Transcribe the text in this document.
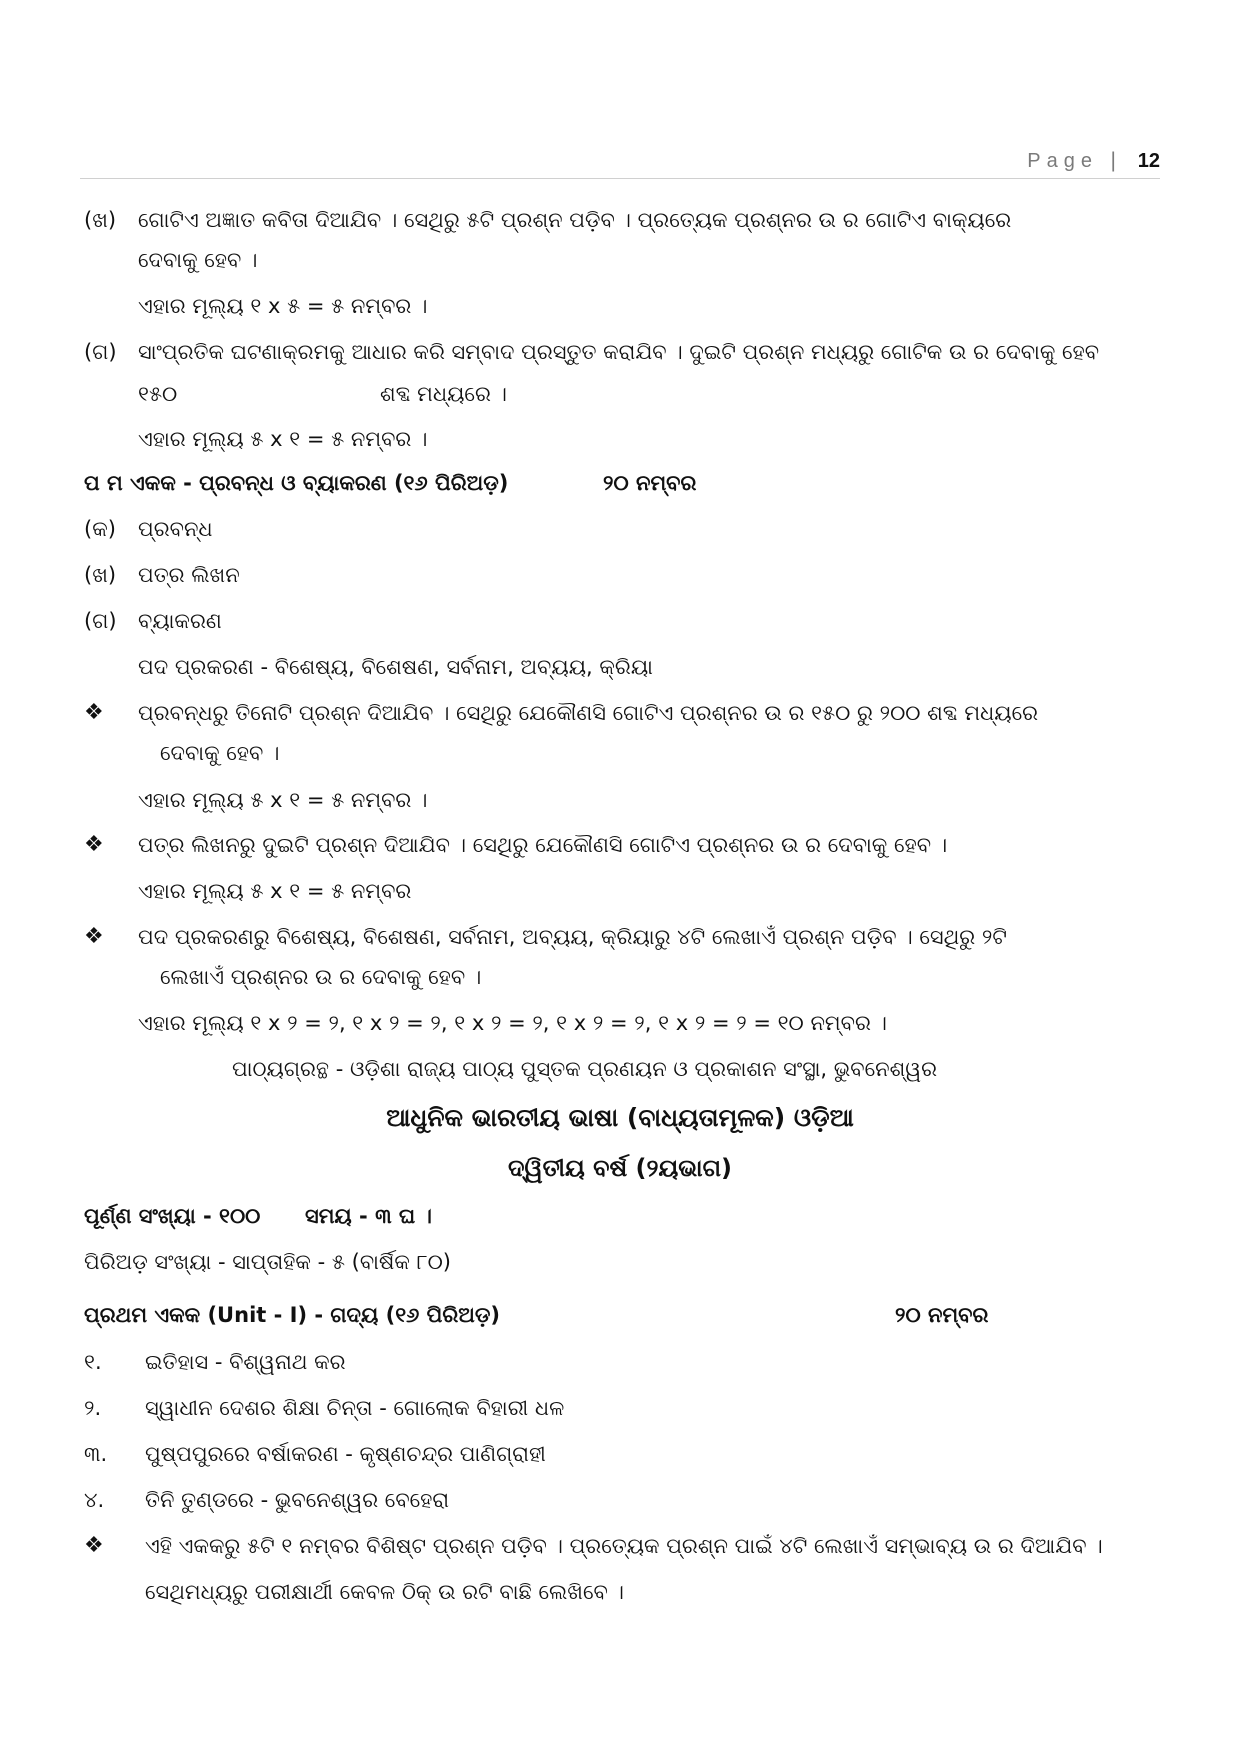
Page | 12
(ଖ) ଗୋଟିଏ ଅଜ୍ଞାତ କବିତା ଦିଆଯିବ । ସେଥିରୁ ୫ଟି ପ୍ରଶ୍ନ ପଡ଼ିବ । ପ୍ରତ୍ୟେକ ପ୍ରଶ୍ନର ଉ ର ଗୋଟିଏ ବାକ୍ୟରେ
ଦେବାକୁ ହେବ ।
ଏହାର ମୂଲ୍ୟ ୧ x ୫ = ୫ ନମ୍ବର ।
(ଗ) ସାଂପ୍ରତିକ ଘଟଣାକ୍ରମକୁ ଆଧାର କରି ସମ୍ବାଦ ପ୍ରସ୍ତୁତ କରାଯିବ । ଦୁଇଟି ପ୍ରଶ୍ନ ମଧ୍ୟରୁ ଗୋଟିକ ଉ ର ଦେବାକୁ ହେବ
୧୫୦	ଶବ୍ଦ ମଧ୍ୟରେ ।
ଏହାର ମୂଲ୍ୟ ୫ x ୧ = ୫ ନମ୍ବର ।
ପ ମ ଏକକ - ପ୍ରବନ୍ଧ ଓ ବ୍ୟାକରଣ (୧୬ ପିରିଅଡ଼)	୨୦ ନମ୍ବର
(କ) ପ୍ରବନ୍ଧ
(ଖ) ପତ୍ର ଲିଖନ
(ଗ) ବ୍ୟାକରଣ
ପଦ ପ୍ରକରଣ - ବିଶେଷ୍ୟ, ବିଶେଷଣ, ସର୍ବନାମ, ଅବ୍ୟୟ, କ୍ରିୟା
❖ ପ୍ରବନ୍ଧରୁ ତିନୋଟି ପ୍ରଶ୍ନ ଦିଆଯିବ । ସେଥିରୁ ଯେକୌଣସି ଗୋଟିଏ ପ୍ରଶ୍ନର ଉ ର ୧୫୦ ରୁ ୨୦୦ ଶବ୍ଦ ମଧ୍ୟରେ
ଦେବାକୁ ହେବ ।
ଏହାର ମୂଲ୍ୟ ୫ x ୧ = ୫ ନମ୍ବର ।
❖ ପତ୍ର ଲିଖନରୁ ଦୁଇଟି ପ୍ରଶ୍ନ ଦିଆଯିବ । ସେଥିରୁ ଯେକୌଣସି ଗୋଟିଏ ପ୍ରଶ୍ନର ଉ ର ଦେବାକୁ ହେବ ।
ଏହାର ମୂଲ୍ୟ ୫ x ୧ = ୫ ନମ୍ବର
❖ ପଦ ପ୍ରକରଣରୁ ବିଶେଷ୍ୟ, ବିଶେଷଣ, ସର୍ବନାମ, ଅବ୍ୟୟ, କ୍ରିୟାରୁ ୪ଟି ଲେଖାଏଁ ପ୍ରଶ୍ନ ପଡ଼ିବ । ସେଥିରୁ ୨ଟି
ଲେଖାଏଁ ପ୍ରଶ୍ନର ଉ ର ଦେବାକୁ ହେବ ।
ଏହାର ମୂଲ୍ୟ ୧ x ୨ = ୨, ୧ x ୨ = ୨, ୧ x ୨ = ୨, ୧ x ୨ = ୨, ୧ x ୨ = ୨ = ୧୦ ନମ୍ବର ।
ପାଠ୍ୟଗ୍ରନ୍ଥ - ଓଡ଼ିଶା ରାଜ୍ୟ ପାଠ୍ୟ ପୁସ୍ତକ ପ୍ରଣୟନ ଓ ପ୍ରକାଶନ ସଂସ୍ଥା, ଭୁବନେଶ୍ୱର
ଆଧୁନିକ ଭାରତୀୟ ଭାଷା (ବାଧ୍ୟତାମୂଳକ) ଓଡ଼ିଆ
ଦ୍ୱିତୀୟ ବର୍ଷ (୨ୟଭାଗ)
ପୂର୍ଣ୍ଣ ସଂଖ୍ୟା - ୧୦୦ ସମୟ - ୩ ଘ ।
ପିରିଅଡ଼ ସଂଖ୍ୟା - ସାପ୍ତାହିକ - ୫ (ବାର୍ଷିକ ୮୦)
ପ୍ରଥମ ଏକକ (Unit - I) - ଗଦ୍ୟ (୧୬ ପିରିଅଡ଼)	୨୦ ନମ୍ବର
୧. ଇତିହାସ - ବିଶ୍ୱନାଥ କର
୨. ସ୍ୱାଧୀନ ଦେଶର ଶିକ୍ଷା ଚିନ୍ତା - ଗୋଲୋକ ବିହାରୀ ଧଳ
୩. ପୁଷ୍ପପୁରରେ ବର୍ଷାକରଣ - କୃଷ୍ଣଚନ୍ଦ୍ର ପାଣିଗ୍ରାହୀ
୪. ତିନି ତୁଣ୍ଡରେ - ଭୁବନେଶ୍ୱର ବେହେରା
❖ ଏହି ଏକକରୁ ୫ଟି ୧ ନମ୍ବର ବିଶିଷ୍ଟ ପ୍ରଶ୍ନ ପଡ଼ିବ । ପ୍ରତ୍ୟେକ ପ୍ରଶ୍ନ ପାଇଁ ୪ଟି ଲେଖାଏଁ ସମ୍ଭାବ୍ୟ ଉ ର ଦିଆଯିବ ।
ସେଥିମଧ୍ୟରୁ ପରୀକ୍ଷାର୍ଥୀ କେବଳ ଠିକ୍ ଉ ରଟି ବାଛି ଲେଖିବେ ।
